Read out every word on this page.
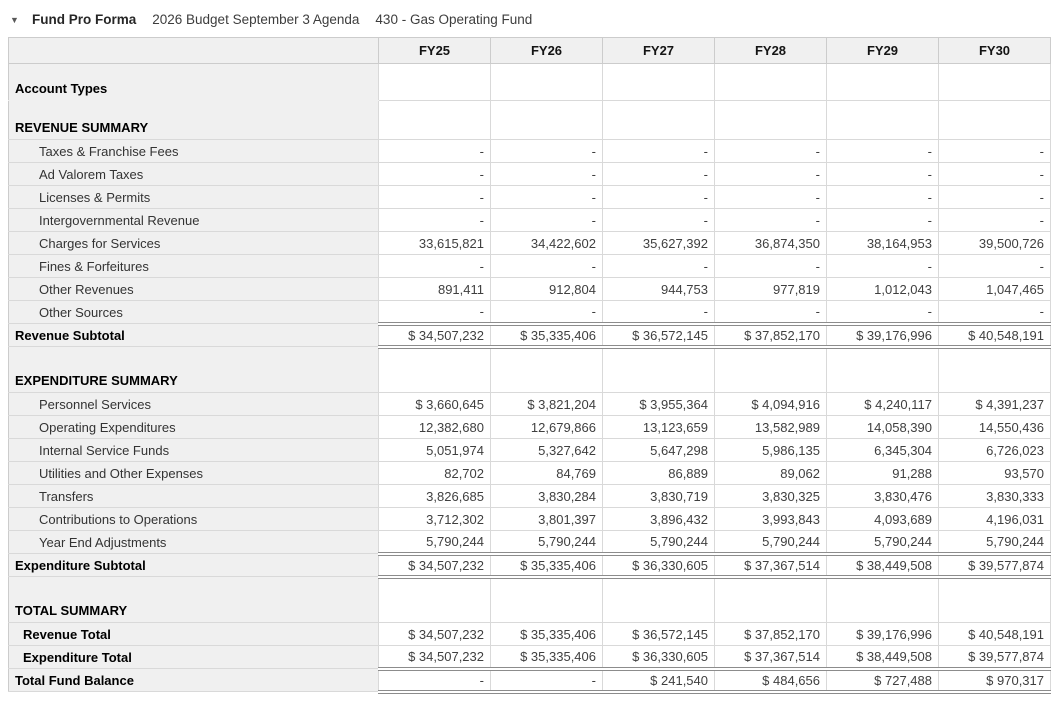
▼ Fund Pro Forma 2026 Budget September 3 Agenda 430 - Gas Operating Fund
	FY25	FY26	FY27	FY28	FY29	FY30
Account Types						
REVENUE SUMMARY						
Taxes & Franchise Fees	-	-	-	-	-	-
Ad Valorem Taxes	-	-	-	-	-	-
Licenses & Permits	-	-	-	-	-	-
Intergovernmental Revenue	-	-	-	-	-	-
Charges for Services	33,615,821	34,422,602	35,627,392	36,874,350	38,164,953	39,500,726
Fines & Forfeitures	-	-	-	-	-	-
Other Revenues	891,411	912,804	944,753	977,819	1,012,043	1,047,465
Other Sources	-	-	-	-	-	-
Revenue Subtotal	$ 34,507,232	$ 35,335,406	$ 36,572,145	$ 37,852,170	$ 39,176,996	$ 40,548,191
EXPENDITURE SUMMARY						
Personnel Services	$ 3,660,645	$ 3,821,204	$ 3,955,364	$ 4,094,916	$ 4,240,117	$ 4,391,237
Operating Expenditures	12,382,680	12,679,866	13,123,659	13,582,989	14,058,390	14,550,436
Internal Service Funds	5,051,974	5,327,642	5,647,298	5,986,135	6,345,304	6,726,023
Utilities and Other Expenses	82,702	84,769	86,889	89,062	91,288	93,570
Transfers	3,826,685	3,830,284	3,830,719	3,830,325	3,830,476	3,830,333
Contributions to Operations	3,712,302	3,801,397	3,896,432	3,993,843	4,093,689	4,196,031
Year End Adjustments	5,790,244	5,790,244	5,790,244	5,790,244	5,790,244	5,790,244
Expenditure Subtotal	$ 34,507,232	$ 35,335,406	$ 36,330,605	$ 37,367,514	$ 38,449,508	$ 39,577,874
TOTAL SUMMARY						
Revenue Total	$ 34,507,232	$ 35,335,406	$ 36,572,145	$ 37,852,170	$ 39,176,996	$ 40,548,191
Expenditure Total	$ 34,507,232	$ 35,335,406	$ 36,330,605	$ 37,367,514	$ 38,449,508	$ 39,577,874
Total Fund Balance	-	-	$ 241,540	$ 484,656	$ 727,488	$ 970,317
